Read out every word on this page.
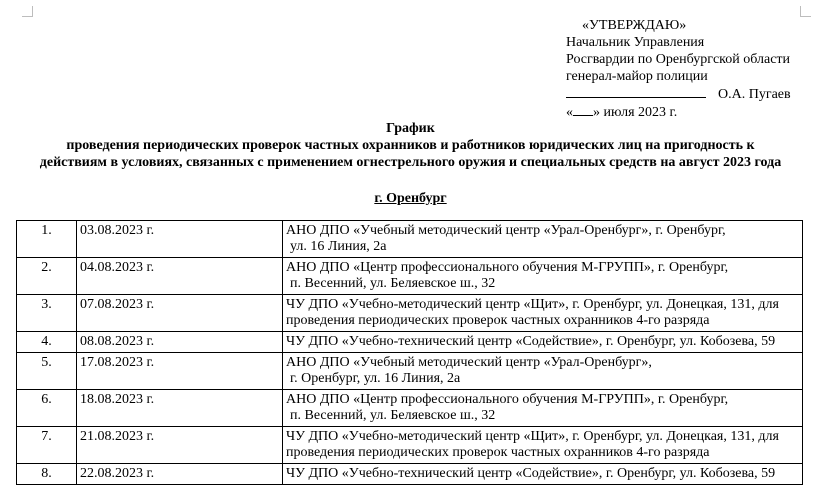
«УТВЕРЖДАЮ»
Начальник Управления
Росгвардии по Оренбургской области
генерал-майор полиции
О.А. Пугаев
« » июля 2023 г.
График
проведения периодических проверок частных охранников и работников юридических лиц на пригодность к
действиям в условиях, связанных с применением огнестрельного оружия и специальных средств на август 2023 года
г. Оренбург
1.	03.08.2023 г.	АНО ДПО «Учебный методический центр «Урал-Оренбург», г. Оренбург,
ул. 16 Линия, 2а

2.	04.08.2023 г.	АНО ДПО «Центр профессионального обучения М-ГРУПП», г. Оренбург,
п. Весенний, ул. Беляевское ш., 32

3.	07.08.2023 г.	ЧУ ДПО «Учебно-методический центр «Щит», г. Оренбург, ул. Донецкая, 131, для
проведения периодических проверок частных охранников 4-го разряда

4.	08.08.2023 г.	ЧУ ДПО «Учебно-технический центр «Содействие», г. Оренбург, ул. Кобозева, 59

5.	17.08.2023 г.	АНО ДПО «Учебный методический центр «Урал-Оренбург»,
г. Оренбург, ул. 16 Линия, 2а

6.	18.08.2023 г.	АНО ДПО «Центр профессионального обучения М-ГРУПП», г. Оренбург,
п. Весенний, ул. Беляевское ш., 32

7.	21.08.2023 г.	ЧУ ДПО «Учебно-методический центр «Щит», г. Оренбург, ул. Донецкая, 131, для
проведения периодических проверок частных охранников 4-го разряда

8.	22.08.2023 г.	ЧУ ДПО «Учебно-технический центр «Содействие», г. Оренбург, ул. Кобозева, 59
